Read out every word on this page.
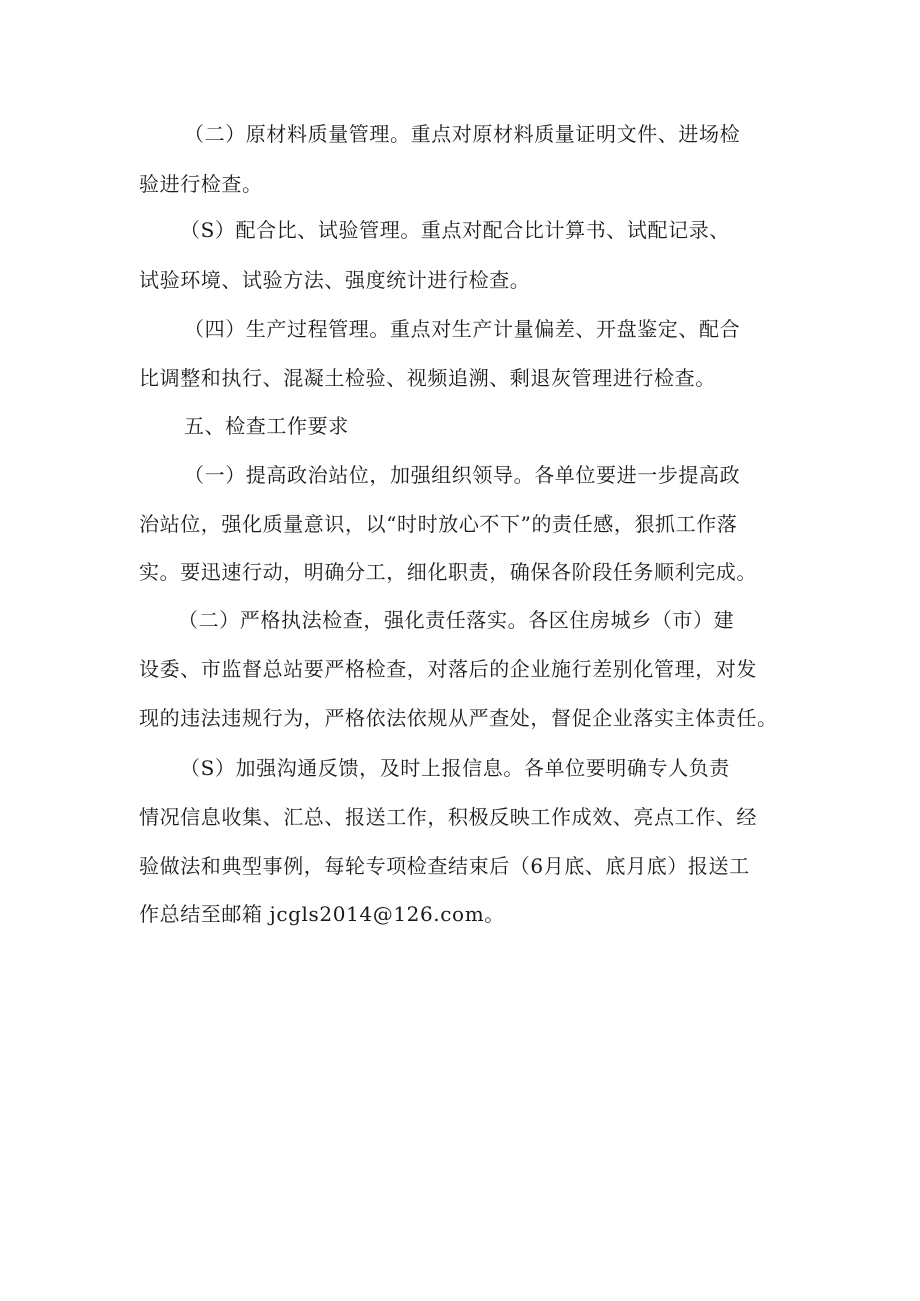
（二）原材料质量管理。重点对原材料质量证明文件、进场检
验进行检查。
（S）配合比、试验管理。重点对配合比计算书、试配记录、
试验环境、试验方法、强度统计进行检查。
（四）生产过程管理。重点对生产计量偏差、开盘鉴定、配合
比调整和执行、混凝土检验、视频追溯、剩退灰管理进行检查。
五、检查工作要求
（一）提高政治站位，加强组织领导。各单位要进一步提高政
治站位，强化质量意识，以“时时放心不下”的责任感，狠抓工作落
实。要迅速行动，明确分工，细化职责，确保各阶段任务顺利完成。
（二）严格执法检查，强化责任落实。各区住房城乡（市）建
设委、市监督总站要严格检查，对落后的企业施行差别化管理，对发
现的违法违规行为，严格依法依规从严查处，督促企业落实主体责任。
（S）加强沟通反馈，及时上报信息。各单位要明确专人负责
情况信息收集、汇总、报送工作，积极反映工作成效、亮点工作、经
验做法和典型事例，每轮专项检查结束后（6月底、底月底）报送工
作总结至邮箱 jcgls2014@126.com。
